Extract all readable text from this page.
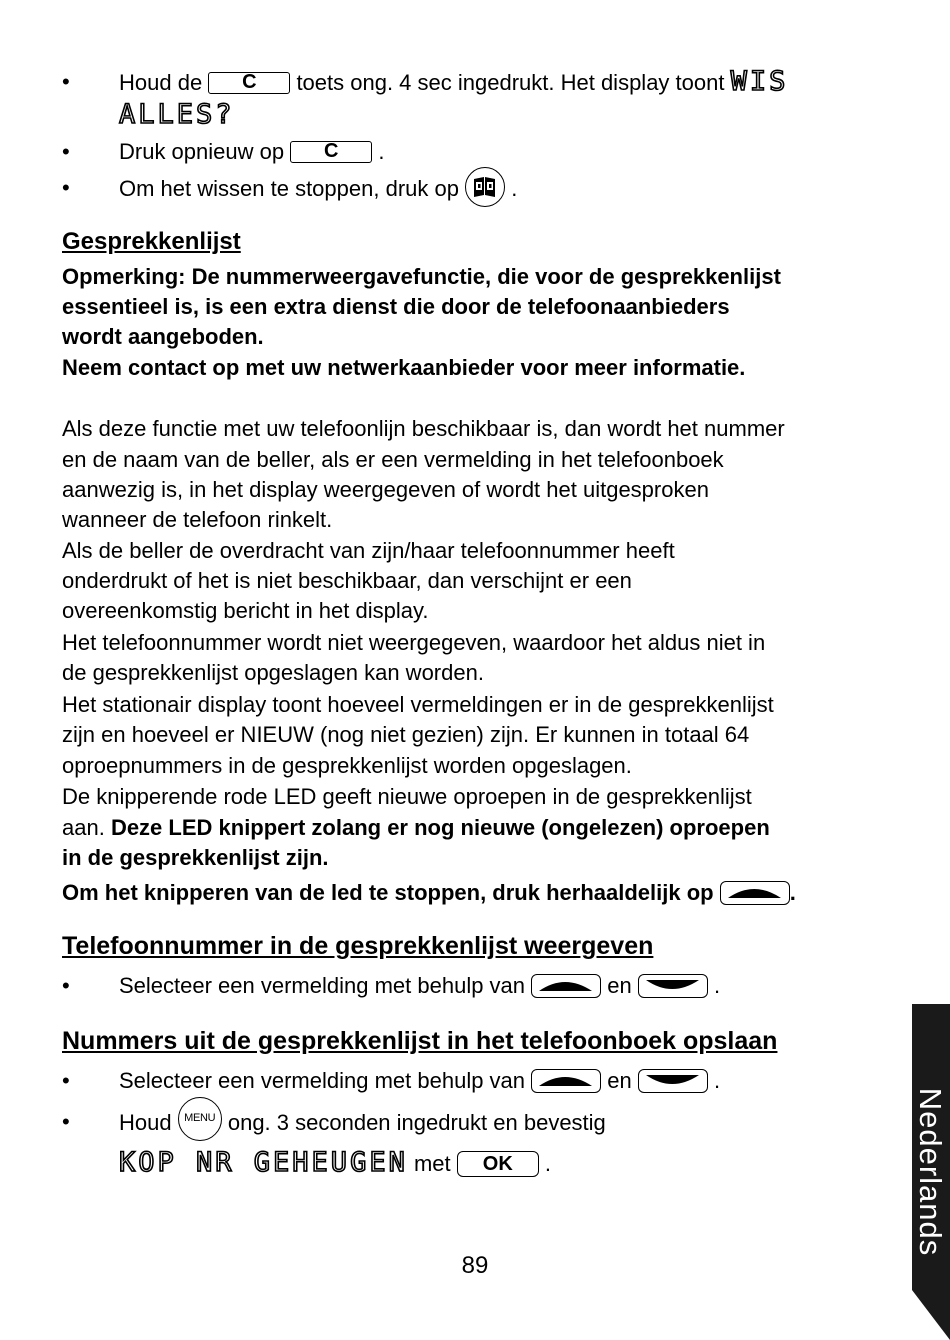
• Houd de C toets ong. 4 sec ingedrukt. Het display toont WIS
ALLES?
• Druk opnieuw op C .
• Om het wissen te stoppen, druk op .
Gesprekkenlijst
Opmerking: De nummerweergavefunctie, die voor de gesprekkenlijst
essentieel is, is een extra dienst die door de telefoonaanbieders
wordt aangeboden.
Neem contact op met uw netwerkaanbieder voor meer informatie.
Als deze functie met uw telefoonlijn beschikbaar is, dan wordt het nummer
en de naam van de beller, als er een vermelding in het telefoonboek
aanwezig is, in het display weergegeven of wordt het uitgesproken
wanneer de telefoon rinkelt.
Als de beller de overdracht van zijn/haar telefoonnummer heeft
onderdrukt of het is niet beschikbaar, dan verschijnt er een
overeenkomstig bericht in het display.
Het telefoonnummer wordt niet weergegeven, waardoor het aldus niet in
de gesprekkenlijst opgeslagen kan worden.
Het stationair display toont hoeveel vermeldingen er in de gesprekkenlijst
zijn en hoeveel er NIEUW (nog niet gezien) zijn. Er kunnen in totaal 64
oproepnummers in de gesprekkenlijst worden opgeslagen.
De knipperende rode LED geeft nieuwe oproepen in de gesprekkenlijst
aan. Deze LED knippert zolang er nog nieuwe (ongelezen) oproepen
in de gesprekkenlijst zijn.
Om het knipperen van de led te stoppen, druk herhaaldelijk op	.
Telefoonnummer in de gesprekkenlijst weergeven
• Selecteer een vermelding met behulp van	en	.
Nummers uit de gesprekkenlijst in het telefoonboek opslaan
• Selecteer een vermelding met behulp van	en	.
• Houd MENU ong. 3 seconden ingedrukt en bevestig
KOP NR GEHEUGEN met OK .
89
Nederlands
